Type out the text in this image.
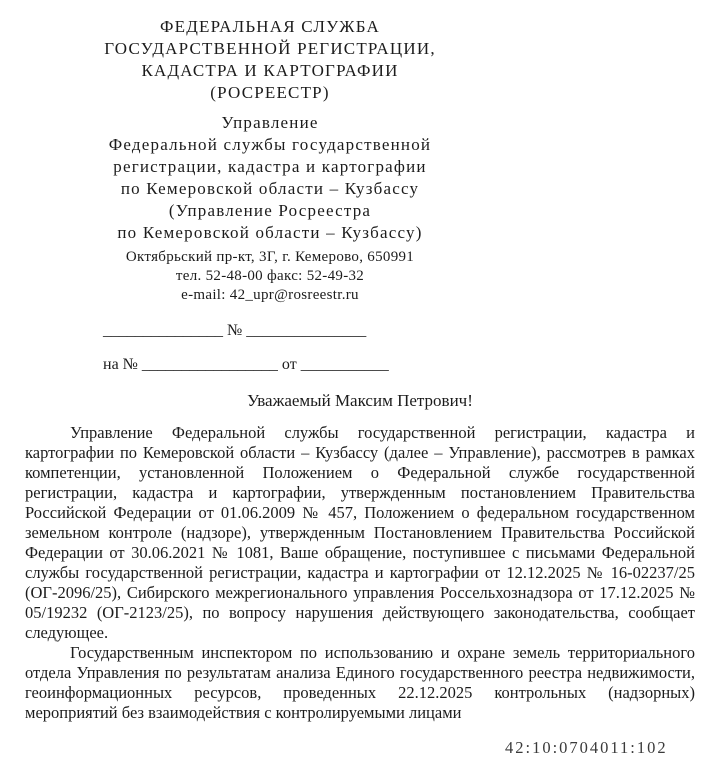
ФЕДЕРАЛЬНАЯ СЛУЖБА
ГОСУДАРСТВЕННОЙ РЕГИСТРАЦИИ,
КАДАСТРА И КАРТОГРАФИИ
(РОСРЕЕСТР)
Управление
Федеральной службы государственной
регистрации, кадастра и картографии
по Кемеровской области – Кузбассу
(Управление Росреестра
по Кемеровской области – Кузбассу)
Октябрьский пр-кт, 3Г, г. Кемерово, 650991
тел. 52-48-00 факс: 52-49-32
e-mail: 42_upr@rosreestr.ru
_______________ № _______________
на № _________________ от ___________
Уважаемый Максим Петрович!

Управление Федеральной службы государственной регистрации, кадастра и картографии по Кемеровской области – Кузбассу (далее – Управление), рассмотрев в рамках компетенции, установленной Положением о Федеральной службе государственной регистрации, кадастра и картографии, утвержденным постановлением Правительства Российской Федерации от 01.06.2009 № 457, Положением о федеральном государственном земельном контроле (надзоре), утвержденным Постановлением Правительства Российской Федерации от 30.06.2021 № 1081, Ваше обращение, поступившее с письмами Федеральной службы государственной регистрации, кадастра и картографии от 12.12.2025 № 16-02237/25 (ОГ-2096/25), Сибирского межрегионального управления Россельхознадзора от 17.12.2025 № 05/19232 (ОГ-2123/25), по вопросу нарушения действующего законодательства, сообщает следующее.

Государственным инспектором по использованию и охране земель территориального отдела Управления по результатам анализа Единого государственного реестра недвижимости, геоинформационных ресурсов, проведенных 22.12.2025 контрольных (надзорных) мероприятий без взаимодействия с контролируемыми лицами

42:10:0704011:102
